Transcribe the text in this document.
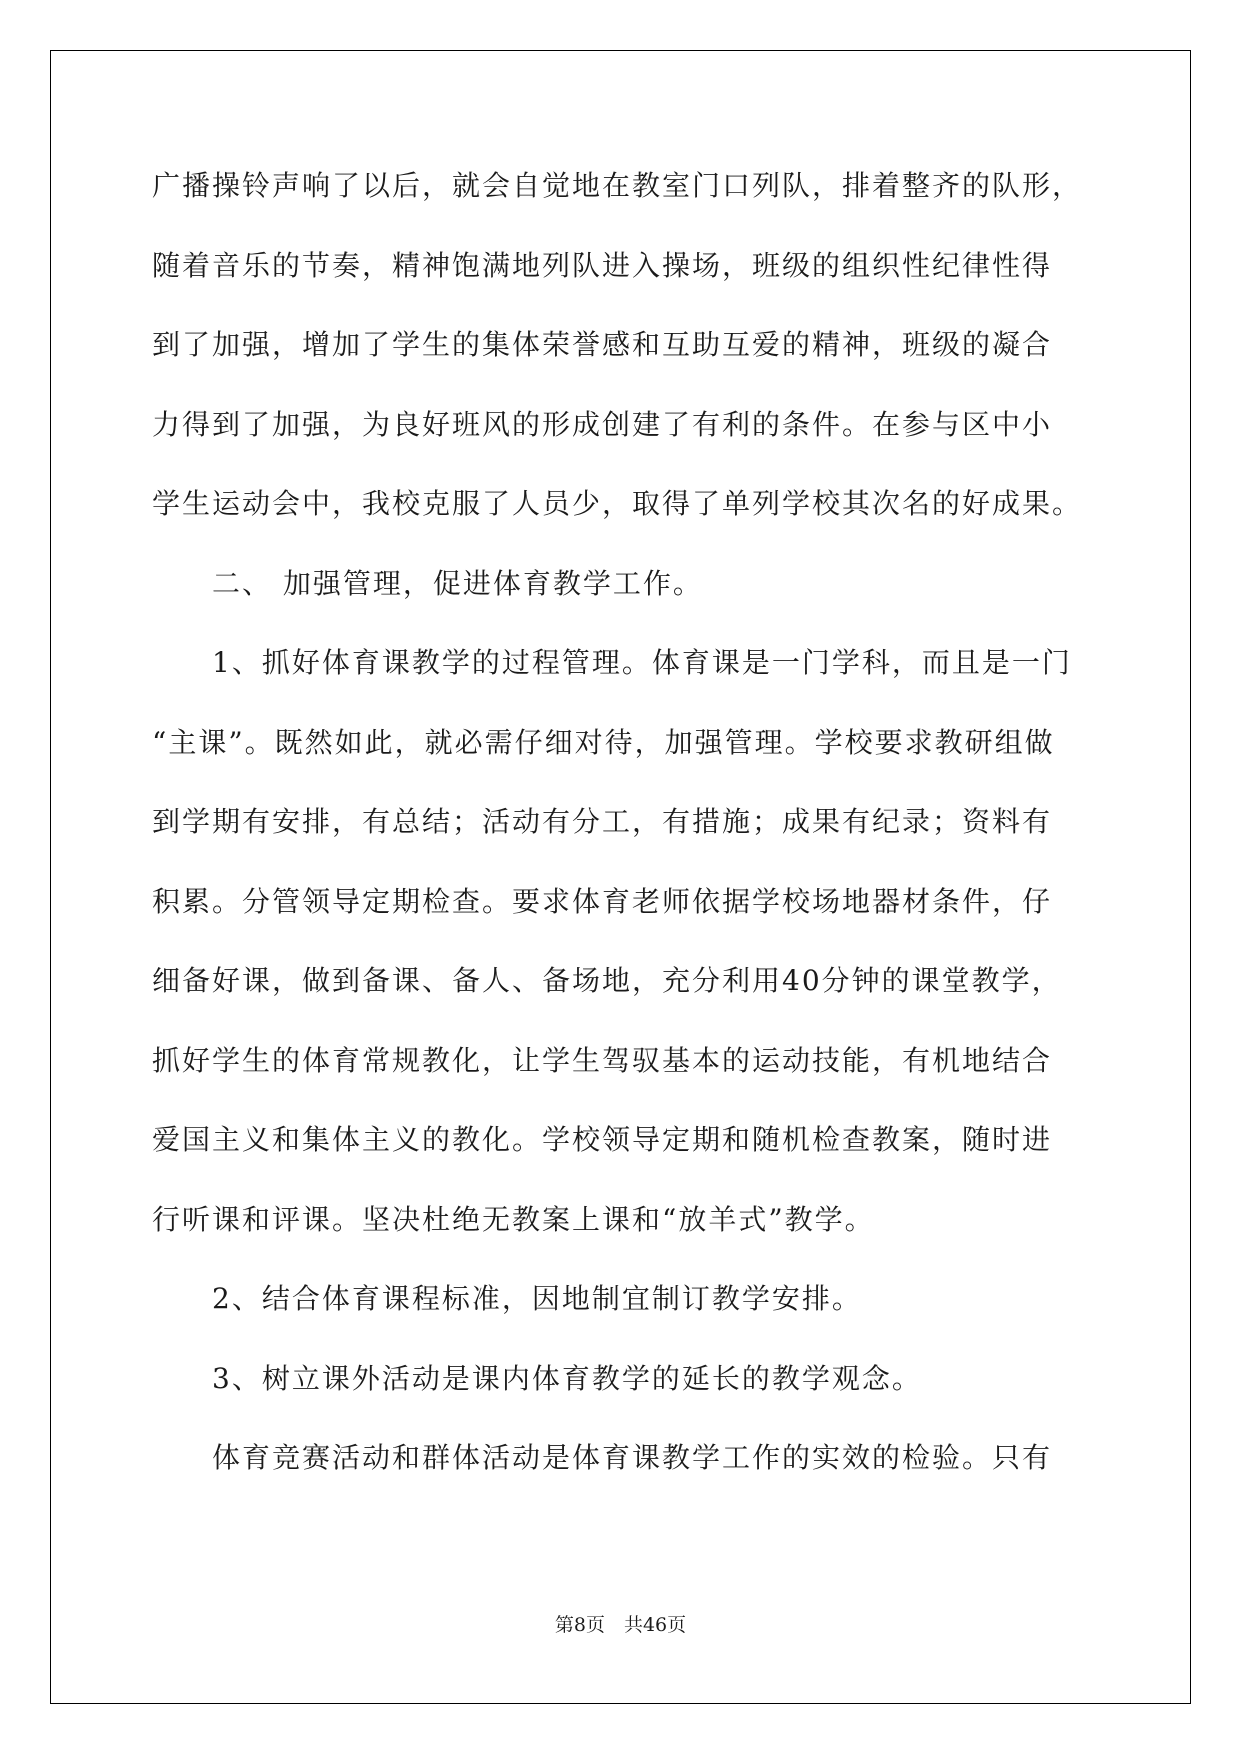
广播操铃声响了以后，就会自觉地在教室门口列队，排着整齐的队形，
随着音乐的节奏，精神饱满地列队进入操场，班级的组织性纪律性得
到了加强，增加了学生的集体荣誉感和互助互爱的精神，班级的凝合
力得到了加强，为良好班风的形成创建了有利的条件。在参与区中小
学生运动会中，我校克服了人员少，取得了单列学校其次名的好成果。
　　二、 加强管理，促进体育教学工作。
　　1、抓好体育课教学的过程管理。体育课是一门学科，而且是一门
“主课”。既然如此，就必需仔细对待，加强管理。学校要求教研组做
到学期有安排，有总结；活动有分工，有措施；成果有纪录；资料有
积累。分管领导定期检查。要求体育老师依据学校场地器材条件，仔
细备好课，做到备课、备人、备场地，充分利用40分钟的课堂教学，
抓好学生的体育常规教化，让学生驾驭基本的运动技能，有机地结合
爱国主义和集体主义的教化。学校领导定期和随机检查教案，随时进
行听课和评课。坚决杜绝无教案上课和“放羊式”教学。
　　2、结合体育课程标准，因地制宜制订教学安排。
　　3、树立课外活动是课内体育教学的延长的教学观念。
　　体育竞赛活动和群体活动是体育课教学工作的实效的检验。只有
第8页　共46页
